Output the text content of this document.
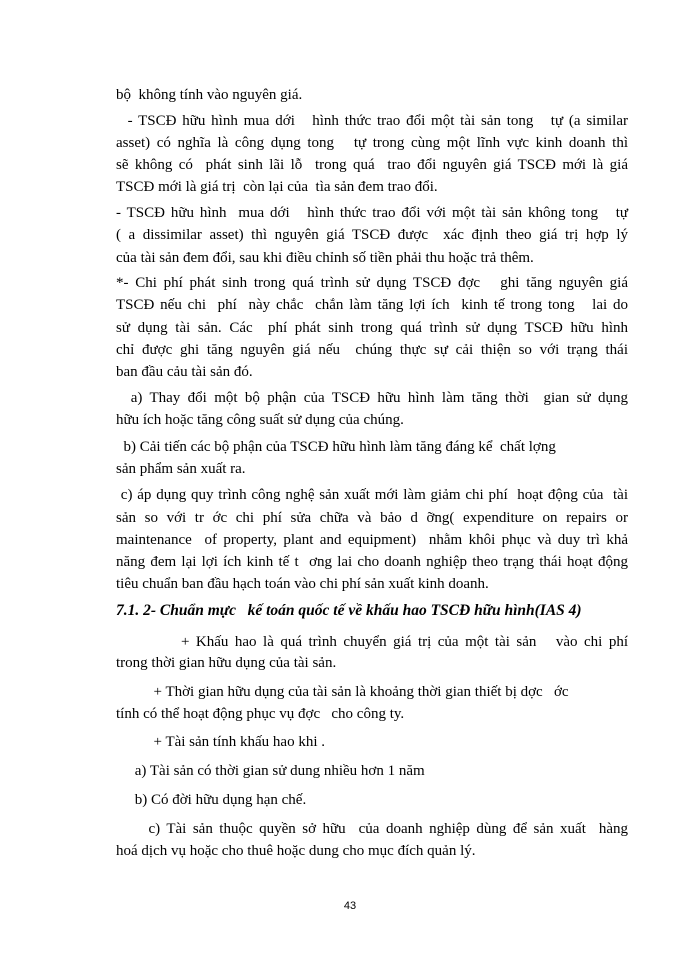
7.1. 2- Chuẩn mực   kế toán quốc tế về khấu hao TSCĐ hữu hình(IAS 4)
43
bộ  không tính vào nguyên giá.
- TSCĐ hữu hình mua dới   hình thức trao đổi một tài sản tong   tự (a similar
asset) có nghĩa là công dụng tong   tự trong cùng một lĩnh vực kinh doanh thì
sẽ không có  phát sinh lãi lỗ  trong quá  trao đổi nguyên giá TSCĐ mới là giá
TSCĐ mới là giá trị  còn lại của  tìa sản đem trao đổi.
- TSCĐ hữu hình  mua dới   hình thức trao đổi với một tài sản không tong   tự
( a dissimilar asset) thì nguyên giá TSCĐ được  xác định theo giá trị hợp lý
của tài sản đem đổi, sau khi điều chỉnh số tiền phải thu hoặc trả thêm.
*- Chi phí phát sinh trong quá trình sử dụng TSCĐ đợc   ghi tăng nguyên giá
TSCĐ nếu chi  phí  này chắc  chắn làm tăng lợi ích  kinh tế trong tong   lai do
sử dụng tài sản. Các  phí phát sinh trong quá trình sử dụng TSCĐ hữu hình
chỉ được ghi tăng nguyên giá nếu  chúng thực sự cải thiện so với trạng thái
ban đầu cảu tài sản đó.
a) Thay đổi một bộ phận của TSCĐ hữu hình làm tăng thời  gian sử dụng
hữu ích hoặc tăng công suất sử dụng của chúng.
b) Cải tiến các bộ phận của TSCĐ hữu hình làm tăng đáng kể  chất lợng
sản phẩm sản xuất ra.
c) áp dụng quy trình công nghệ sản xuất mới làm giảm chi phí  hoạt động của  tài
sản so với tr ớc chi phí sửa chữa và bảo d ỡng( expenditure on repairs or
maintenance  of property, plant and equipment)  nhằm khôi phục và duy trì khả
năng đem lại lợi ích kinh tế t  ơng lai cho doanh nghiệp theo trạng thái hoạt động
tiêu chuẩn ban đầu hạch toán vào chi phí sản xuất kinh doanh.
+ Khấu hao là quá trình chuyển giá trị của một tài sản   vào chi phí
trong thời gian hữu dụng của tài sản.
+ Thời gian hữu dụng của tài sản là khoảng thời gian thiết bị dợc   ớc
tính có thể hoạt động phục vụ đợc   cho công ty.
+ Tài sản tính khấu hao khi .
a) Tài sản có thời gian sử dung nhiều hơn 1 năm
b) Có đời hữu dụng hạn chế.
c) Tài sản thuộc quyền sở hữu  của doanh nghiệp dùng để sản xuất  hàng
hoá dịch vụ hoặc cho thuê hoặc dung cho mục đích quản lý.
